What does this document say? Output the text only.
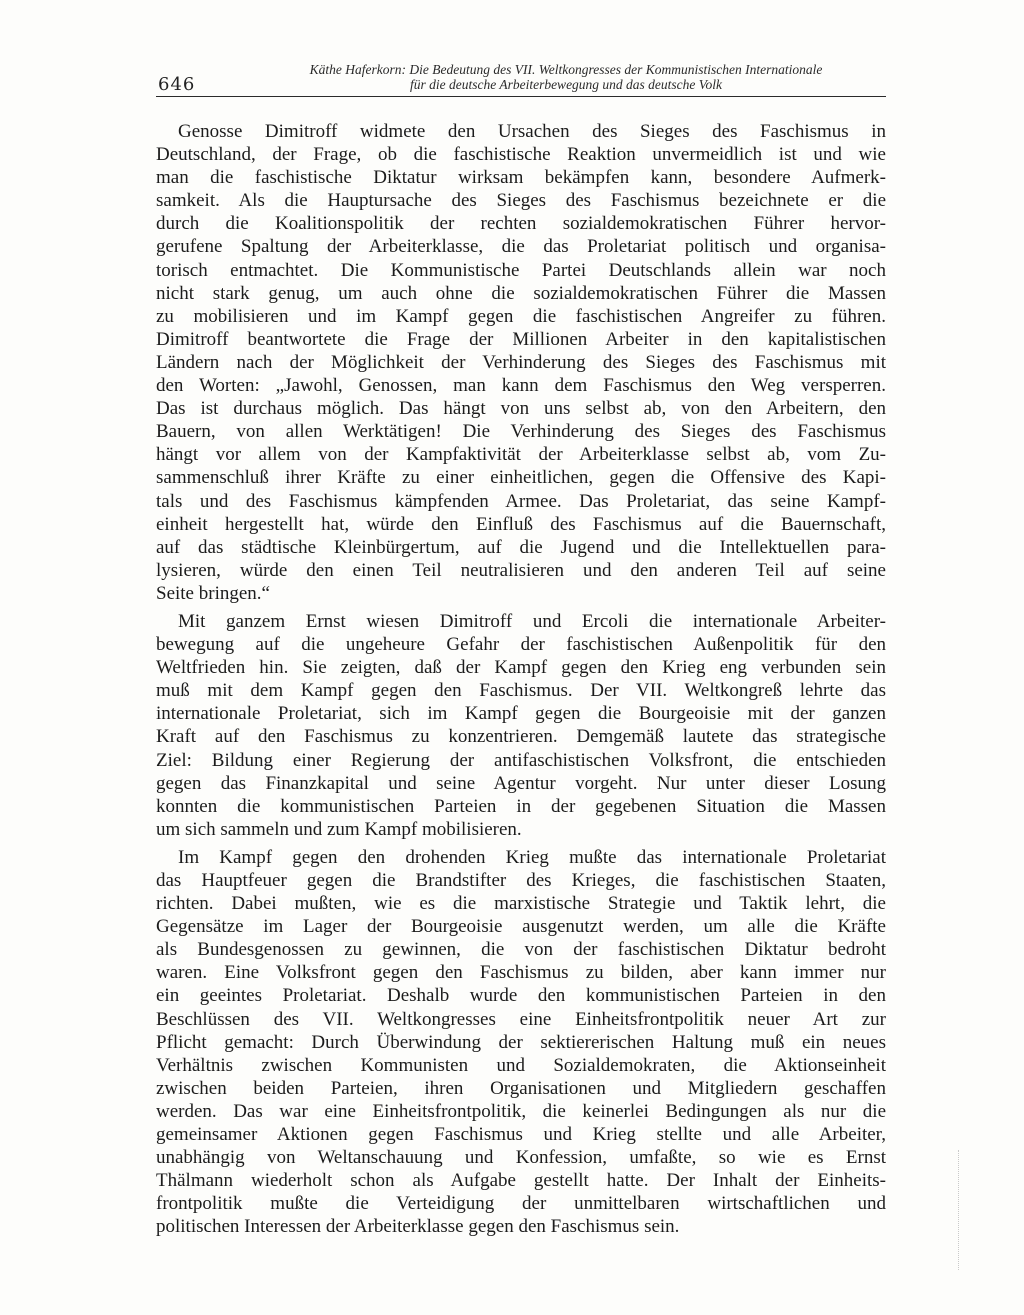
646
Käthe Haferkorn: Die Bedeutung des VII. Weltkongresses der Kommunistischen Internationale
für die deutsche Arbeiterbewegung und das deutsche Volk
Genosse Dimitroff widmete den Ursachen des Sieges des Faschismus in
Deutschland, der Frage, ob die faschistische Reaktion unvermeidlich ist und wie
man die faschistische Diktatur wirksam bekämpfen kann, besondere Aufmerk-
samkeit. Als die Hauptursache des Sieges des Faschismus bezeichnete er die
durch die Koalitionspolitik der rechten sozialdemokratischen Führer hervor-
gerufene Spaltung der Arbeiterklasse, die das Proletariat politisch und organisa-
torisch entmachtet. Die Kommunistische Partei Deutschlands allein war noch
nicht stark genug, um auch ohne die sozialdemokratischen Führer die Massen
zu mobilisieren und im Kampf gegen die faschistischen Angreifer zu führen.
Dimitroff beantwortete die Frage der Millionen Arbeiter in den kapitalistischen
Ländern nach der Möglichkeit der Verhinderung des Sieges des Faschismus mit
den Worten: „Jawohl, Genossen, man kann dem Faschismus den Weg versperren.
Das ist durchaus möglich. Das hängt von uns selbst ab, von den Arbeitern, den
Bauern, von allen Werktätigen! Die Verhinderung des Sieges des Faschismus
hängt vor allem von der Kampfaktivität der Arbeiterklasse selbst ab, vom Zu-
sammenschluß ihrer Kräfte zu einer einheitlichen, gegen die Offensive des Kapi-
tals und des Faschismus kämpfenden Armee. Das Proletariat, das seine Kampf-
einheit hergestellt hat, würde den Einfluß des Faschismus auf die Bauernschaft,
auf das städtische Kleinbürgertum, auf die Jugend und die Intellektuellen para-
lysieren, würde den einen Teil neutralisieren und den anderen Teil auf seine
Seite bringen.“
Mit ganzem Ernst wiesen Dimitroff und Ercoli die internationale Arbeiter-
bewegung auf die ungeheure Gefahr der faschistischen Außenpolitik für den
Weltfrieden hin. Sie zeigten, daß der Kampf gegen den Krieg eng verbunden sein
muß mit dem Kampf gegen den Faschismus. Der VII. Weltkongreß lehrte das
internationale Proletariat, sich im Kampf gegen die Bourgeoisie mit der ganzen
Kraft auf den Faschismus zu konzentrieren. Demgemäß lautete das strategische
Ziel: Bildung einer Regierung der antifaschistischen Volksfront, die entschieden
gegen das Finanzkapital und seine Agentur vorgeht. Nur unter dieser Losung
konnten die kommunistischen Parteien in der gegebenen Situation die Massen
um sich sammeln und zum Kampf mobilisieren.
Im Kampf gegen den drohenden Krieg mußte das internationale Proletariat
das Hauptfeuer gegen die Brandstifter des Krieges, die faschistischen Staaten,
richten. Dabei mußten, wie es die marxistische Strategie und Taktik lehrt, die
Gegensätze im Lager der Bourgeoisie ausgenutzt werden, um alle die Kräfte
als Bundesgenossen zu gewinnen, die von der faschistischen Diktatur bedroht
waren. Eine Volksfront gegen den Faschismus zu bilden, aber kann immer nur
ein geeintes Proletariat. Deshalb wurde den kommunistischen Parteien in den
Beschlüssen des VII. Weltkongresses eine Einheitsfrontpolitik neuer Art zur
Pflicht gemacht: Durch Überwindung der sektiererischen Haltung muß ein neues
Verhältnis zwischen Kommunisten und Sozialdemokraten, die Aktionseinheit
zwischen beiden Parteien, ihren Organisationen und Mitgliedern geschaffen
werden. Das war eine Einheitsfrontpolitik, die keinerlei Bedingungen als nur die
gemeinsamer Aktionen gegen Faschismus und Krieg stellte und alle Arbeiter,
unabhängig von Weltanschauung und Konfession, umfaßte, so wie es Ernst
Thälmann wiederholt schon als Aufgabe gestellt hatte. Der Inhalt der Einheits-
frontpolitik mußte die Verteidigung der unmittelbaren wirtschaftlichen und
politischen Interessen der Arbeiterklasse gegen den Faschismus sein.
